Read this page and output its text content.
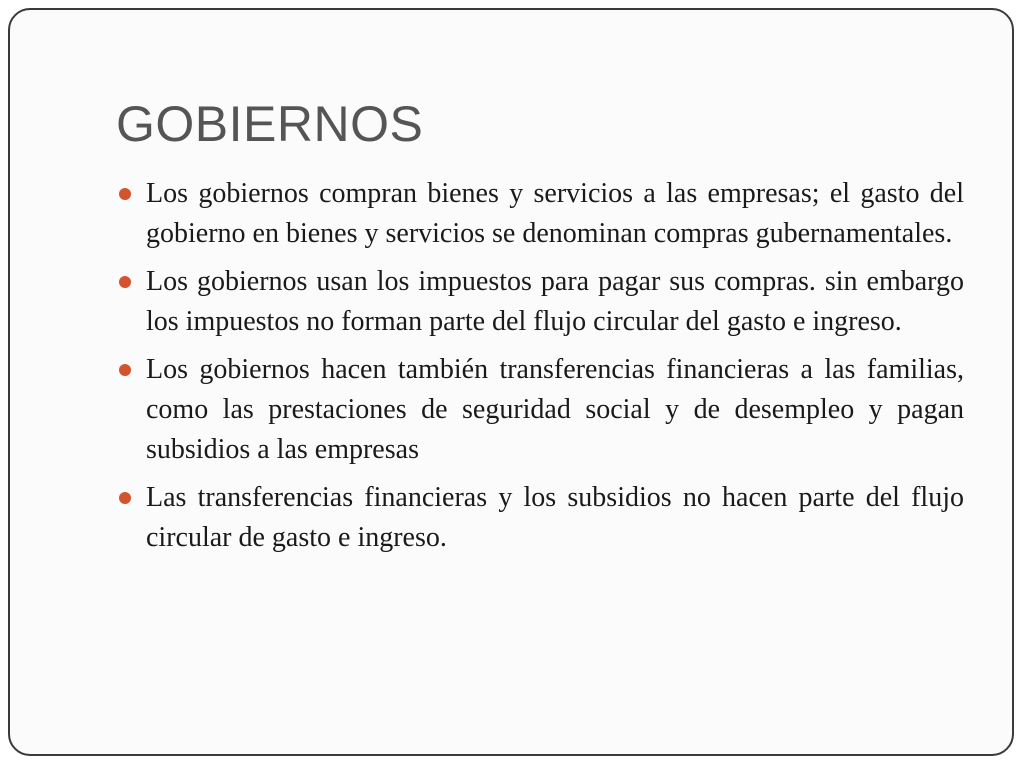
GOBIERNOS
Los gobiernos compran bienes y servicios a las empresas; el gasto del gobierno en bienes y servicios se denominan compras gubernamentales.
Los gobiernos usan los impuestos para pagar sus compras. sin embargo los impuestos no forman parte del flujo circular del gasto e ingreso.
Los gobiernos hacen también transferencias financieras a las familias, como las prestaciones de seguridad social y de desempleo y pagan subsidios a las empresas
Las transferencias financieras y los subsidios no hacen parte del flujo circular de gasto e ingreso.
